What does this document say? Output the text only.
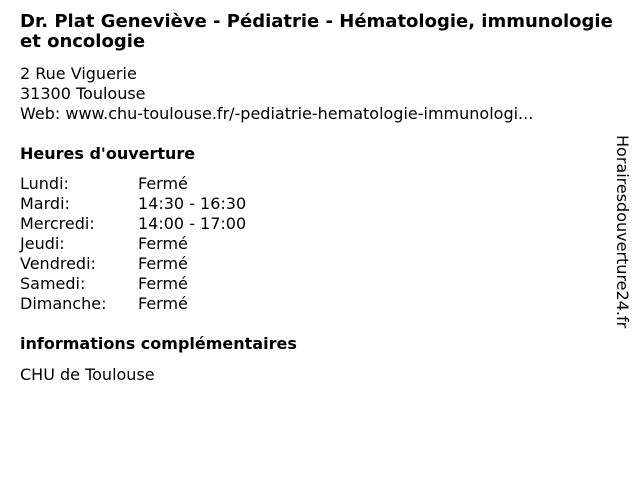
Dr. Plat Geneviève - Pédiatrie - Hématologie, immunologie et oncologie
2 Rue Viguerie
31300 Toulouse
Web: www.chu-toulouse.fr/-pediatrie-hematologie-immunologi...
Heures d'ouverture
Lundi:	Fermé
Mardi:	14:30 - 16:30
Mercredi:	14:00 - 17:00
Jeudi:	Fermé
Vendredi:	Fermé
Samedi:	Fermé
Dimanche:	Fermé
informations complémentaires
CHU de Toulouse
Horairesdouverture24.fr
